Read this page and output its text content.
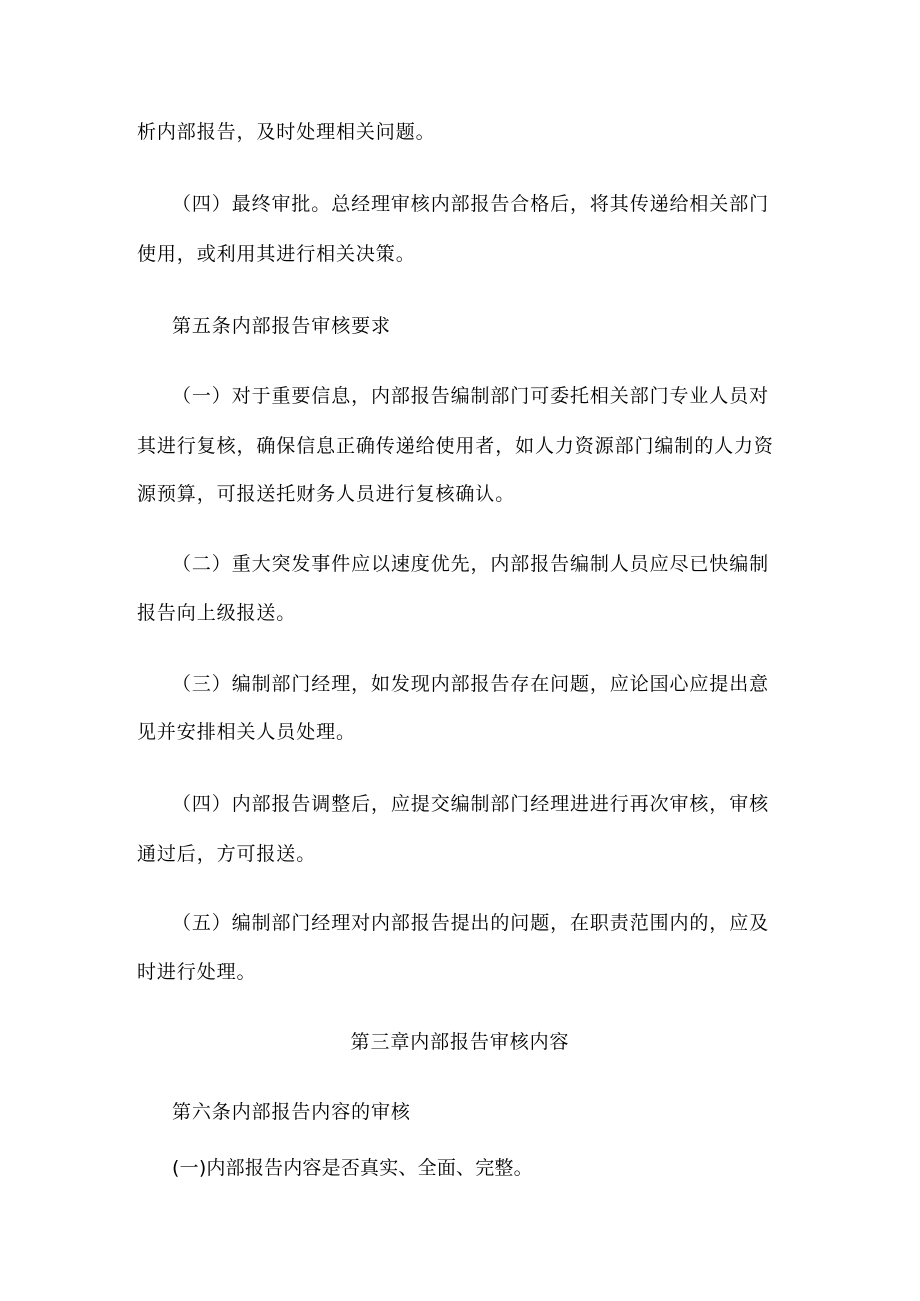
析内部报告，及时处理相关问题。
（四）最终审批。总经理审核内部报告合格后，将其传递给相关部门
使用，或利用其进行相关决策。
第五条内部报告审核要求
（一）对于重要信息，内部报告编制部门可委托相关部门专业人员对
其进行复核，确保信息正确传递给使用者，如人力资源部门编制的人力资
源预算，可报送托财务人员进行复核确认。
（二）重大突发事件应以速度优先，内部报告编制人员应尽已快编制
报告向上级报送。
（三）编制部门经理，如发现内部报告存在问题，应论国心应提出意
见并安排相关人员处理。
（四）内部报告调整后，应提交编制部门经理进进行再次审核，审核
通过后，方可报送。
（五）编制部门经理对内部报告提出的问题，在职责范围内的，应及
时进行处理。
第三章内部报告审核内容
第六条内部报告内容的审核
(一)内部报告内容是否真实、全面、完整。
